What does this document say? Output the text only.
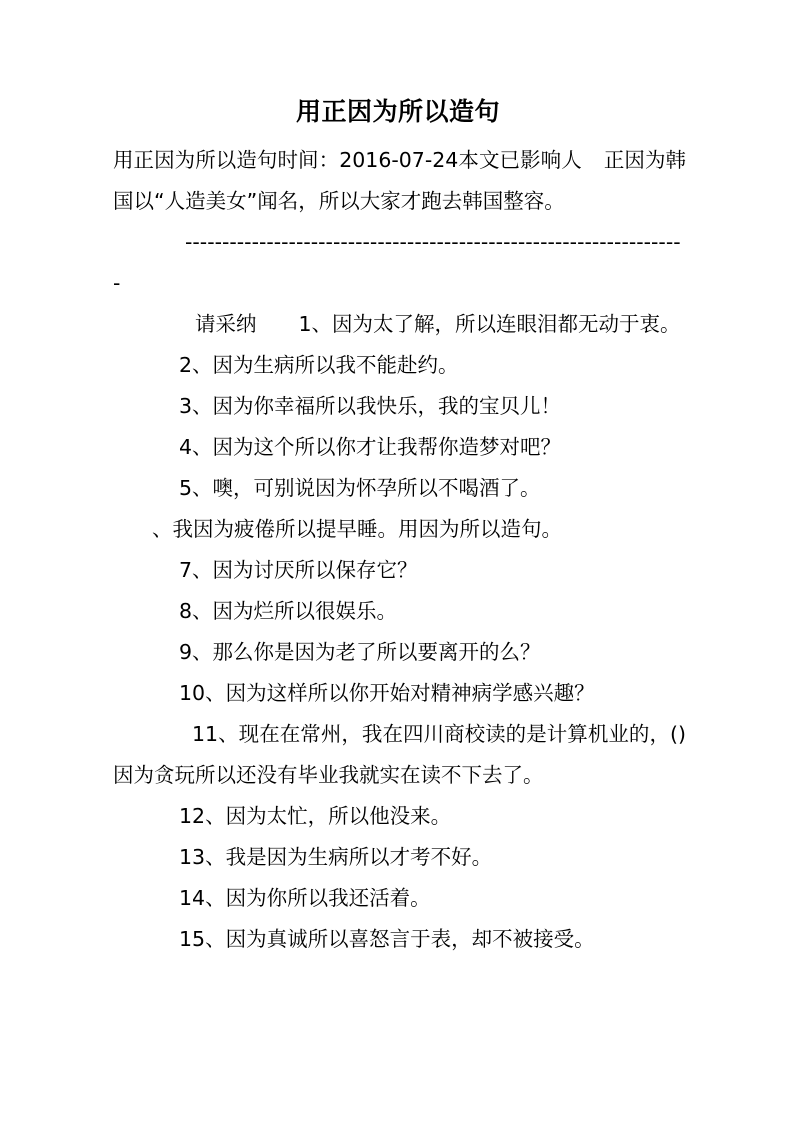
用正因为所以造句

用正因为所以造句时间：2016-07-24本文已影响人 正因为韩国以“人造美女”闻名，所以大家才跑去韩国整容。

--------------------------------------------------------------------

请采纳 1、因为太了解，所以连眼泪都无动于衷。

2、因为生病所以我不能赴约。

3、因为你幸福所以我快乐，我的宝贝儿！

4、因为这个所以你才让我帮你造梦对吧？

5、噢，可别说因为怀孕所以不喝酒了。

、我因为疲倦所以提早睡。用因为所以造句。

7、因为讨厌所以保存它？

8、因为烂所以很娱乐。

9、那么你是因为老了所以要离开的么？

10、因为这样所以你开始对精神病学感兴趣？

11、现在在常州，我在四川商校读的是计算机业的，()因为贪玩所以还没有毕业我就实在读不下去了。

12、因为太忙，所以他没来。

13、我是因为生病所以才考不好。

14、因为你所以我还活着。

15、因为真诚所以喜怒言于表，却不被接受。
